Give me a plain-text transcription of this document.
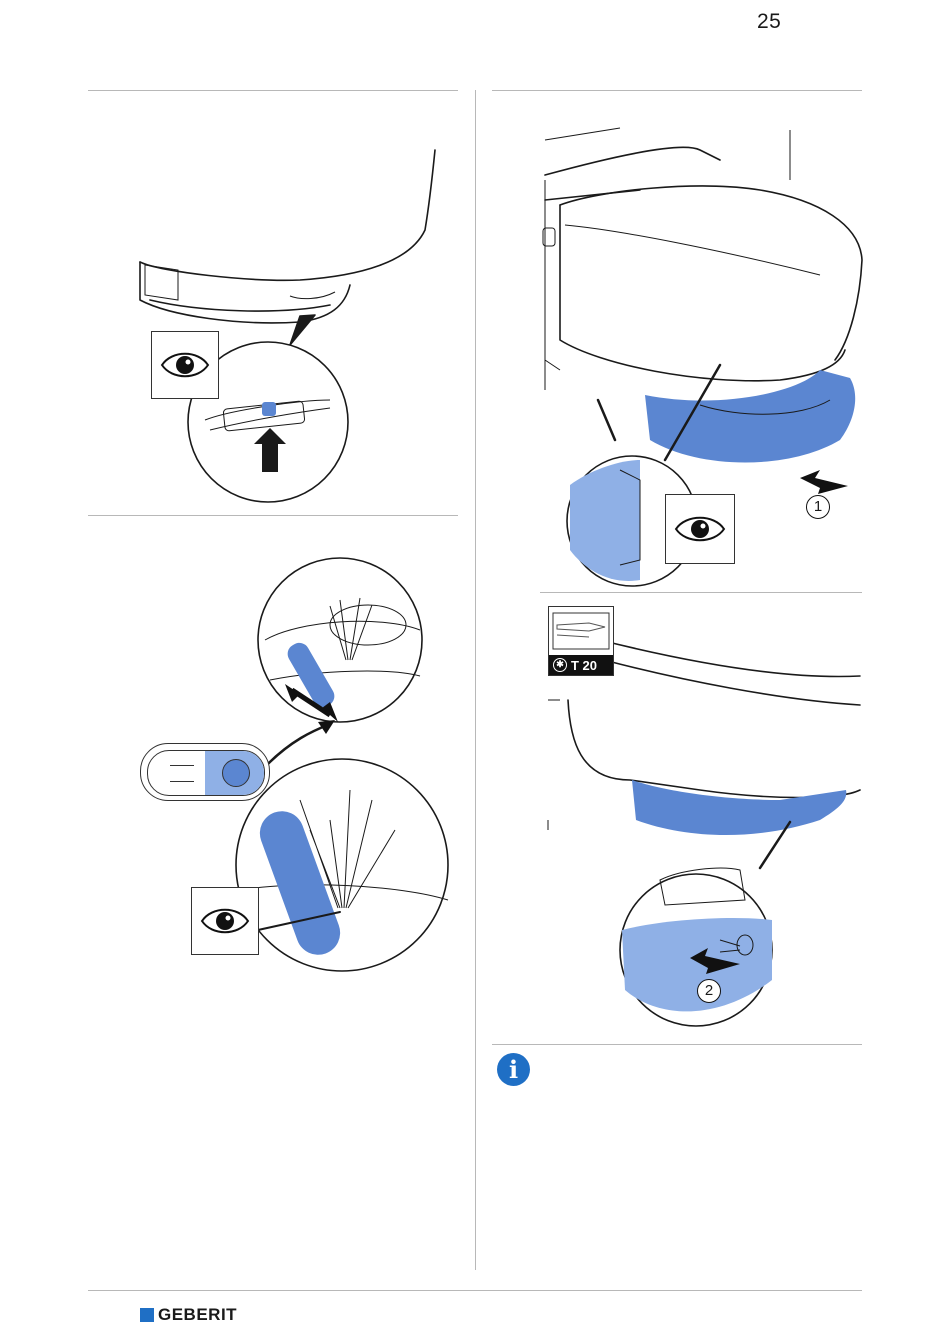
25
1
2
✱ T 20
i
GEBERIT
